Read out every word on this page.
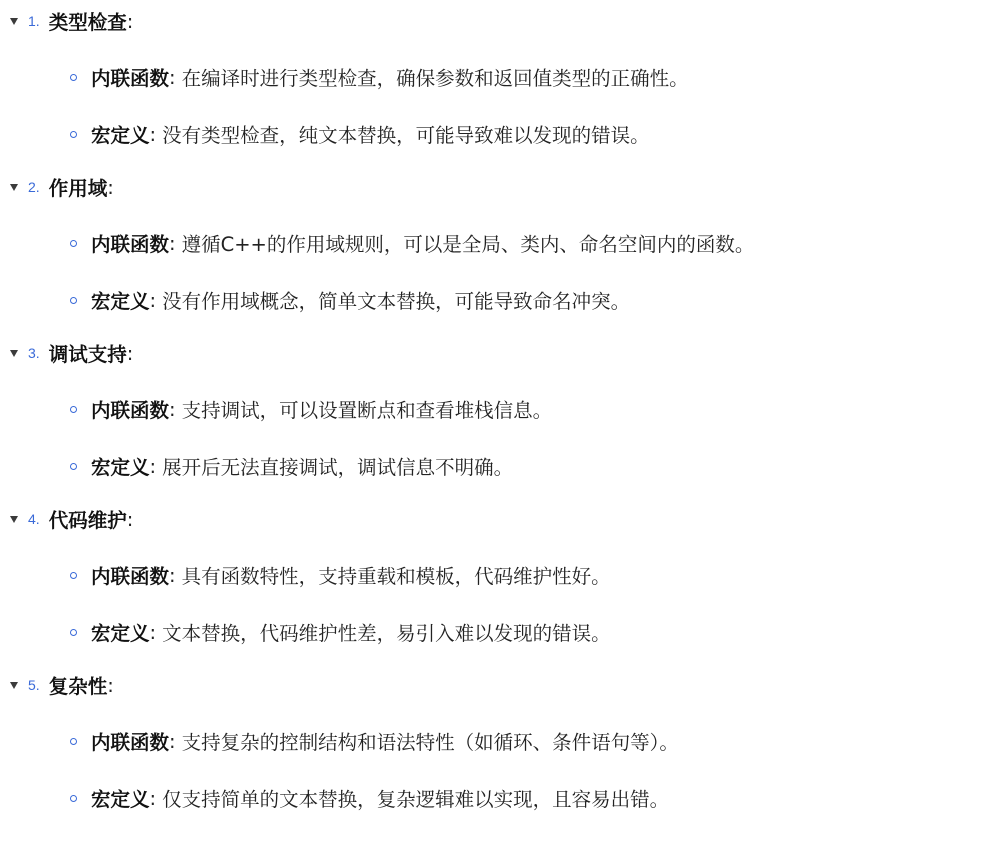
1. 类型检查 :
内联函数 : 在编译时进行类型检查，确保参数和返回值类型的正确性。
宏定义 : 没有类型检查，纯文本替换，可能导致难以发现的错误。
2. 作用域 :
内联函数 : 遵循C++的作用域规则，可以是全局、类内、命名空间内的函数。
宏定义 : 没有作用域概念，简单文本替换，可能导致命名冲突。
3. 调试支持 :
内联函数 : 支持调试，可以设置断点和查看堆栈信息。
宏定义 : 展开后无法直接调试，调试信息不明确。
4. 代码维护 :
内联函数 : 具有函数特性，支持重载和模板，代码维护性好。
宏定义 : 文本替换，代码维护性差，易引入难以发现的错误。
5. 复杂性 :
内联函数 : 支持复杂的控制结构和语法特性（如循环、条件语句等）。
宏定义 : 仅支持简单的文本替换，复杂逻辑难以实现，且容易出错。
